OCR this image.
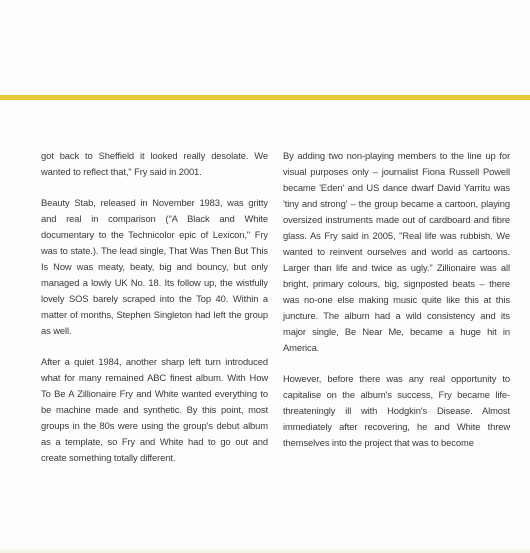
got back to Sheffield it looked really desolate. We wanted to reflect that," Fry said in 2001.

Beauty Stab, released in November 1983, was gritty and real in comparison ("A Black and White documentary to the Technicolor epic of Lexicon," Fry was to state.). The lead single, That Was Then But This Is Now was meaty, beaty, big and bouncy, but only managed a lowly UK No. 18. Its follow up, the wistfully lovely SOS barely scraped into the Top 40. Within a matter of months, Stephen Singleton had left the group as well.

After a quiet 1984, another sharp left turn introduced what for many remained ABC finest album. With How To Be A Zillionaire Fry and White wanted everything to be machine made and synthetic. By this point, most groups in the 80s were using the group's debut album as a template, so Fry and White had to go out and create something totally different.

By adding two non-playing members to the line up for visual purposes only – journalist Fiona Russell Powell became 'Eden' and US dance dwarf David Yarritu was 'tiny and strong' – the group became a cartoon, playing oversized instruments made out of cardboard and fibre glass. As Fry said in 2005, "Real life was rubbish. We wanted to reinvent ourselves and world as cartoons. Larger than life and twice as ugly." Zillionaire was all bright, primary colours, big, signposted beats – there was no-one else making music quite like this at this juncture. The album had a wild consistency and its major single, Be Near Me, became a huge hit in America.

However, before there was any real opportunity to capitalise on the album's success, Fry became life-threateningly ill with Hodgkin's Disease. Almost immediately after recovering, he and White threw themselves into the project that was to become
